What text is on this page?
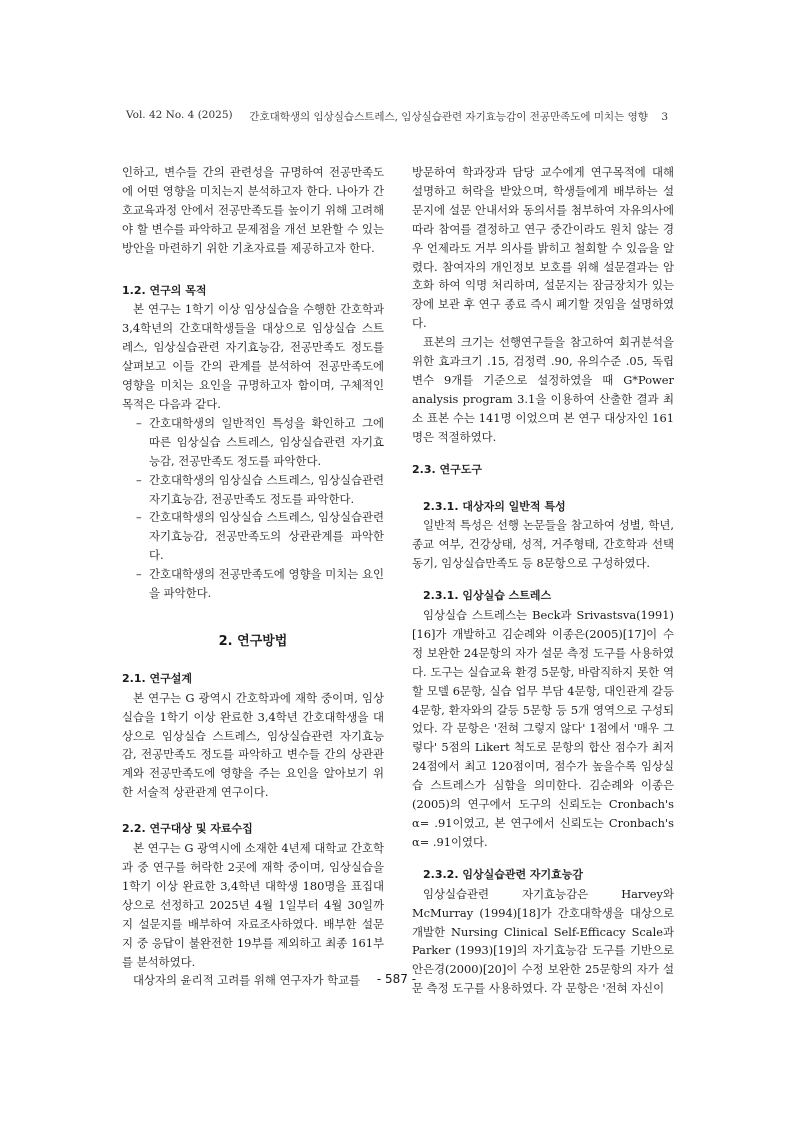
Vol. 42 No. 4 (2025) 간호대학생의 임상실습스트레스, 임상실습관련 자기효능감이 전공만족도에 미치는 영향 3

인하고, 변수들 간의 관련성을 규명하여 전공만족도에 어떤 영향을 미치는지 분석하고자 한다. 나아가 간호교육과정 안에서 전공만족도를 높이기 위해 고려해야 할 변수를 파악하고 문제점을 개선 보완할 수 있는 방안을 마련하기 위한 기초자료를 제공하고자 한다.

1.2. 연구의 목적

본 연구는 1학기 이상 임상실습을 수행한 간호학과 3,4학년의 간호대학생들을 대상으로 임상실습 스트레스, 임상실습관련 자기효능감, 전공만족도 정도를 살펴보고 이들 간의 관계를 분석하여 전공만족도에 영향을 미치는 요인을 규명하고자 함이며, 구체적인 목적은 다음과 같다.

– 간호대학생의 일반적인 특성을 확인하고 그에 따른 임상실습 스트레스, 임상실습관련 자기효능감, 전공만족도 정도를 파악한다.
– 간호대학생의 임상실습 스트레스, 임상실습관련 자기효능감, 전공만족도 정도를 파악한다.
– 간호대학생의 임상실습 스트레스, 임상실습관련 자기효능감, 전공만족도의 상관관계를 파악한다.
– 간호대학생의 전공만족도에 영향을 미치는 요인을 파악한다.

2. 연구방법

2.1. 연구설계

본 연구는 G 광역시 간호학과에 재학 중이며, 임상실습을 1학기 이상 완료한 3,4학년 간호대학생을 대상으로 임상실습 스트레스, 임상실습관련 자기효능감, 전공만족도 정도를 파악하고 변수들 간의 상관관계와 전공만족도에 영향을 주는 요인을 알아보기 위한 서술적 상관관계 연구이다.

2.2. 연구대상 및 자료수집

본 연구는 G 광역시에 소재한 4년제 대학교 간호학과 중 연구를 허락한 2곳에 재학 중이며, 임상실습을 1학기 이상 완료한 3,4학년 대학생 180명을 표집대상으로 선정하고 2025년 4월 1일부터 4월 30일까지 설문지를 배부하여 자료조사하였다. 배부한 설문지 중 응답이 불완전한 19부를 제외하고 최종 161부를 분석하였다.

대상자의 윤리적 고려를 위해 연구자가 학교를

방문하여 학과장과 담당 교수에게 연구목적에 대해 설명하고 허락을 받았으며, 학생들에게 배부하는 설문지에 설문 안내서와 동의서를 첨부하여 자유의사에 따라 참여를 결정하고 연구 중간이라도 원치 않는 경우 언제라도 거부 의사를 밝히고 철회할 수 있음을 알렸다. 참여자의 개인정보 보호를 위해 설문결과는 암호화 하여 익명 처리하며, 설문지는 잠금장치가 있는 장에 보관 후 연구 종료 즉시 폐기할 것임을 설명하였다.

표본의 크기는 선행연구들을 참고하여 회귀분석을 위한 효과크기 .15, 검정력 .90, 유의수준 .05, 독립변수 9개를 기준으로 설정하였을 때 G*Power analysis program 3.1을 이용하여 산출한 결과 최소 표본 수는 141명 이었으며 본 연구 대상자인 161명은 적절하였다.

2.3. 연구도구

2.3.1. 대상자의 일반적 특성

일반적 특성은 선행 논문들을 참고하여 성별, 학년, 종교 여부, 건강상태, 성적, 거주형태, 간호학과 선택 동기, 임상실습만족도 등 8문항으로 구성하였다.

2.3.1. 임상실습 스트레스

임상실습 스트레스는 Beck과 Srivastsva(1991)[16]가 개발하고 김순례와 이종은(2005)[17]이 수정 보완한 24문항의 자가 설문 측정 도구를 사용하였다. 도구는 실습교육 환경 5문항, 바람직하지 못한 역할 모델 6문항, 실습 업무 부담 4문항, 대인관계 갈등 4문항, 환자와의 갈등 5문항 등 5개 영역으로 구성되었다. 각 문항은 '전혀 그렇지 않다' 1점에서 '매우 그렇다' 5점의 Likert 척도로 문항의 합산 점수가 최저 24점에서 최고 120점이며, 점수가 높을수록 임상실습 스트레스가 심함을 의미한다. 김순례와 이종은(2005)의 연구에서 도구의 신뢰도는 Cronbach's α= .91이였고, 본 연구에서 신뢰도는 Cronbach's α= .91이였다.

2.3.2. 임상실습관련 자기효능감

임상실습관련 자기효능감은 Harvey와 McMurray (1994)[18]가 간호대학생을 대상으로 개발한 Nursing Clinical Self-Efficacy Scale과 Parker (1993)[19]의 자기효능감 도구를 기반으로 안은경(2000)[20]이 수정 보완한 25문항의 자가 설문 측정 도구를 사용하였다. 각 문항은 '전혀 자신이

- 587 -
